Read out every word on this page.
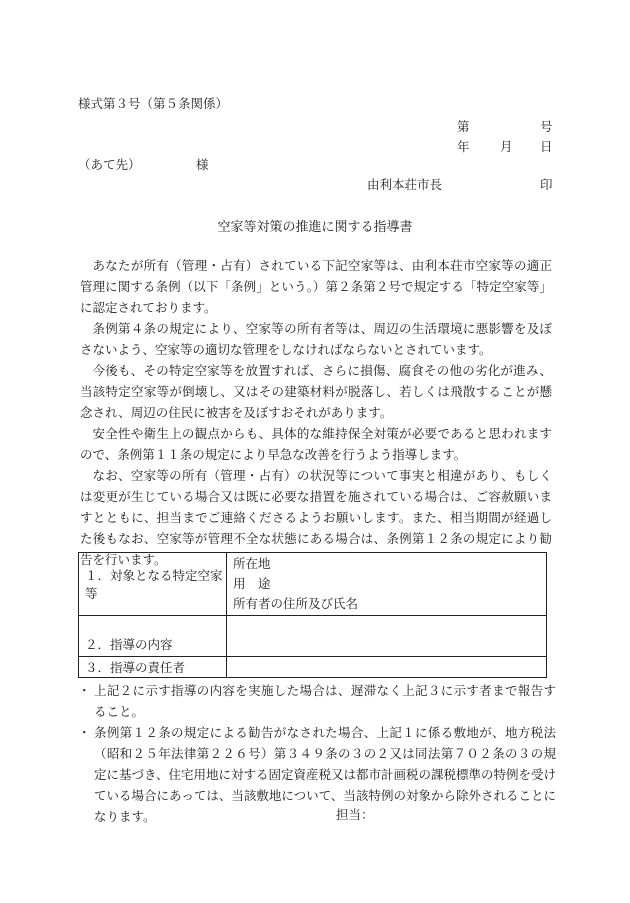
様式第３号（第５条関係）
第	号
年 月 日
（あて先）	様
由利本荘市長	印
空家等対策の推進に関する指導書

あなたが所有（管理・占有）されている下記空家等は、由利本荘市空家等の適正管理に関する条例（以下「条例」という。）第２条第２号で規定する「特定空家等」に認定されております。

条例第４条の規定により、空家等の所有者等は、周辺の生活環境に悪影響を及ぼさないよう、空家等の適切な管理をしなければならないとされています。

今後も、その特定空家等を放置すれば、さらに損傷、腐食その他の劣化が進み、当該特定空家等が倒壊し、又はその建築材料が脱落し、若しくは飛散することが懸念され、周辺の住民に被害を及ぼすおそれがあります。

安全性や衛生上の観点からも、具体的な維持保全対策が必要であると思われますので、条例第１１条の規定により早急な改善を行うよう指導します。

なお、空家等の所有（管理・占有）の状況等について事実と相違があり、もしくは変更が生じている場合又は既に必要な措置を施されている場合は、ご容赦願いますとともに、担当までご連絡くださるようお願いします。また、相当期間が経過した後もなお、空家等が管理不全な状態にある場合は、条例第１２条の規定により勧告を行います。

１．対象となる特定空家等	所在地
用　途
所有者の住所及び氏名

２．指導の内容	
３．指導の責任者	

・ 上記２に示す指導の内容を実施した場合は、遅滞なく上記３に示す者まで報告すること。

・ 条例第１２条の規定による勧告がなされた場合、上記１に係る敷地が、地方税法（昭和２５年法律第２２６号）第３４９条の３の２又は同法第７０２条の３の規定に基づき、住宅用地に対する固定資産税又は都市計画税の課税標準の特例を受けている場合にあっては、当該敷地について、当該特例の対象から除外されることになります。	担当：
